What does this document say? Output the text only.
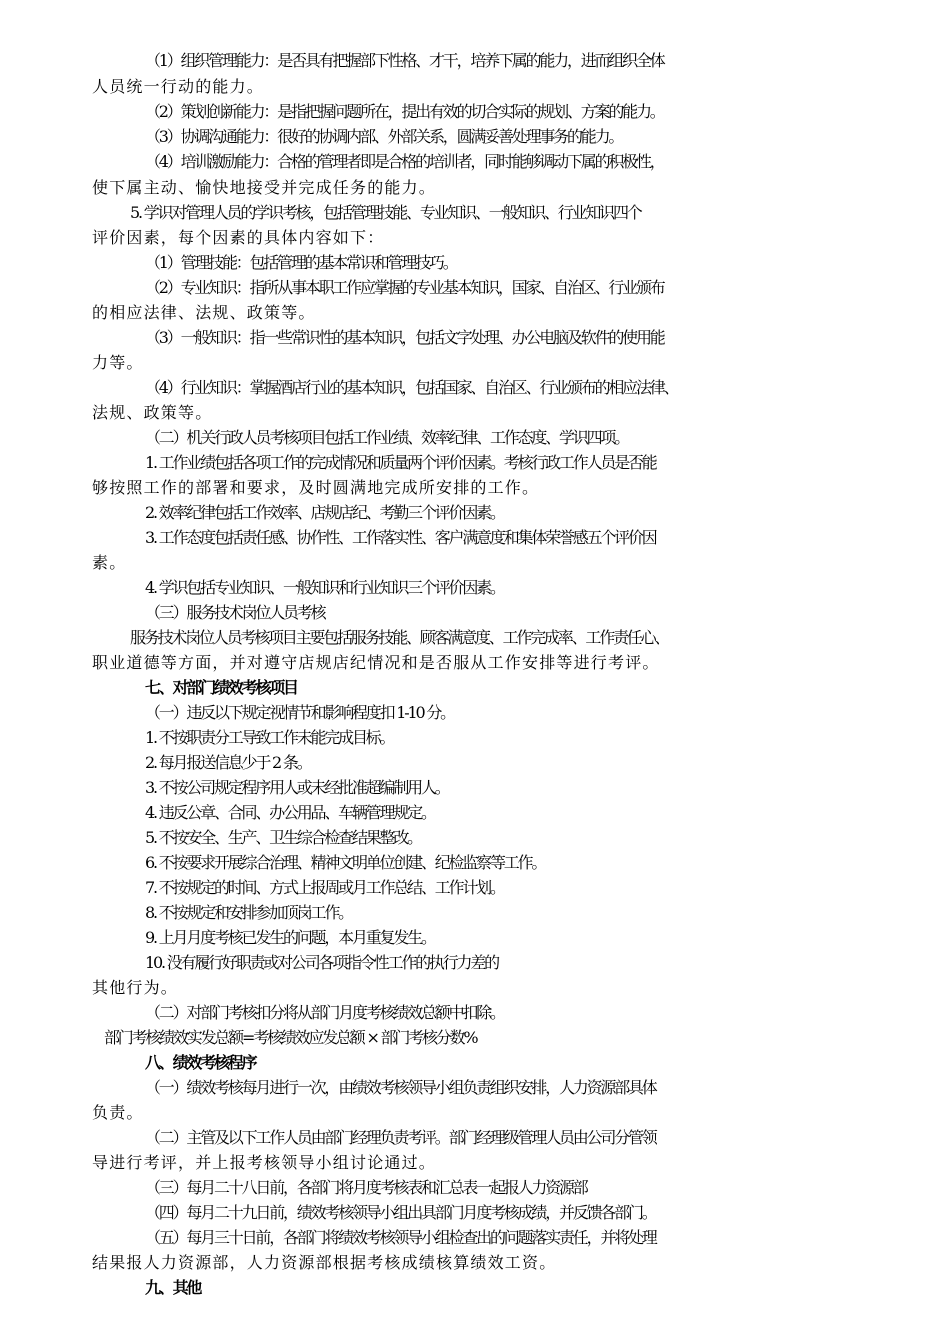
（1）组织管理能力：是否具有把握部下性格、才干，培养下属的能力，进而组织全体
人员统一行动的能力。
（2）策划创新能力：是指把握问题所在，提出有效的切合实际的规划、方案的能力。
（3）协调沟通能力：很好的协调内部、外部关系，圆满妥善处理事务的能力。
（4）培训激励能力：合格的管理者即是合格的培训者，同时能够调动下属的积极性，
使下属主动、愉快地接受并完成任务的能力。
5. 学识对管理人员的学识考核，包括管理技能、专业知识、一般知识、行业知识四个
评价因素，每个因素的具体内容如下：
（1）管理技能：包括管理的基本常识和管理技巧。
（2）专业知识：指所从事本职工作应掌握的专业基本知识，国家、自治区、行业颁布
的相应法律、法规、政策等。
（3）一般知识：指一些常识性的基本知识，包括文字处理、办公电脑及软件的使用能
力等。
（4）行业知识：掌握酒店行业的基本知识，包括国家、自治区、行业颁布的相应法律、
法规、政策等。
（二）机关行政人员考核项目包括工作业绩、效率纪律、工作态度、学识四项。
1. 工作业绩包括各项工作的完成情况和质量两个评价因素。考核行政工作人员是否能
够按照工作的部署和要求，及时圆满地完成所安排的工作。
2. 效率纪律包括工作效率、店规店纪、考勤三个评价因素。
3. 工作态度包括责任感、协作性、工作落实性、客户满意度和集体荣誉感五个评价因
素。
4. 学识包括专业知识、一般知识和行业知识三个评价因素。
（三）服务技术岗位人员考核
服务技术岗位人员考核项目主要包括服务技能、顾客满意度、工作完成率、工作责任心、
职业道德等方面，并对遵守店规店纪情况和是否服从工作安排等进行考评。
七、对部门绩效考核项目
（一）违反以下规定视情节和影响程度扣 1-10 分。
1. 不按职责分工导致工作未能完成目标。
2. 每月报送信息少于 2 条。
3. 不按公司规定程序用人或未经批准超编制用人。
4. 违反公章、合同、办公用品、车辆管理规定。
5. 不按安全、生产、卫生综合检查结果整改。
6. 不按要求开展综合治理、精神文明单位创建、纪检监察等工作。
7. 不按规定的时间、方式上报周或月工作总结、工作计划。
8. 不按规定和安排参加顶岗工作。
9. 上月月度考核已发生的问题，本月重复发生。
10. 没有履行好职责或对公司各项指令性工作的执行力差的
其他行为。
（二）对部门考核扣分将从部门月度考核绩效总额中扣除。
部门考核绩效实发总额=考核绩效应发总额 × 部门考核分数%
八、绩效考核程序
（一）绩效考核每月进行一次，由绩效考核领导小组负责组织安排，人力资源部具体
负责。
（二）主管及以下工作人员由部门经理负责考评。部门经理级管理人员由公司分管领
导进行考评，并上报考核领导小组讨论通过。
（三）每月二十八日前，各部门将月度考核表和汇总表一起报人力资源部
（四）每月二十九日前，绩效考核领导小组出具部门月度考核成绩，并反馈各部门。
（五）每月三十日前，各部门将绩效考核领导小组检查出的问题落实责任，并将处理
结果报人力资源部，人力资源部根据考核成绩核算绩效工资。
九、其他
